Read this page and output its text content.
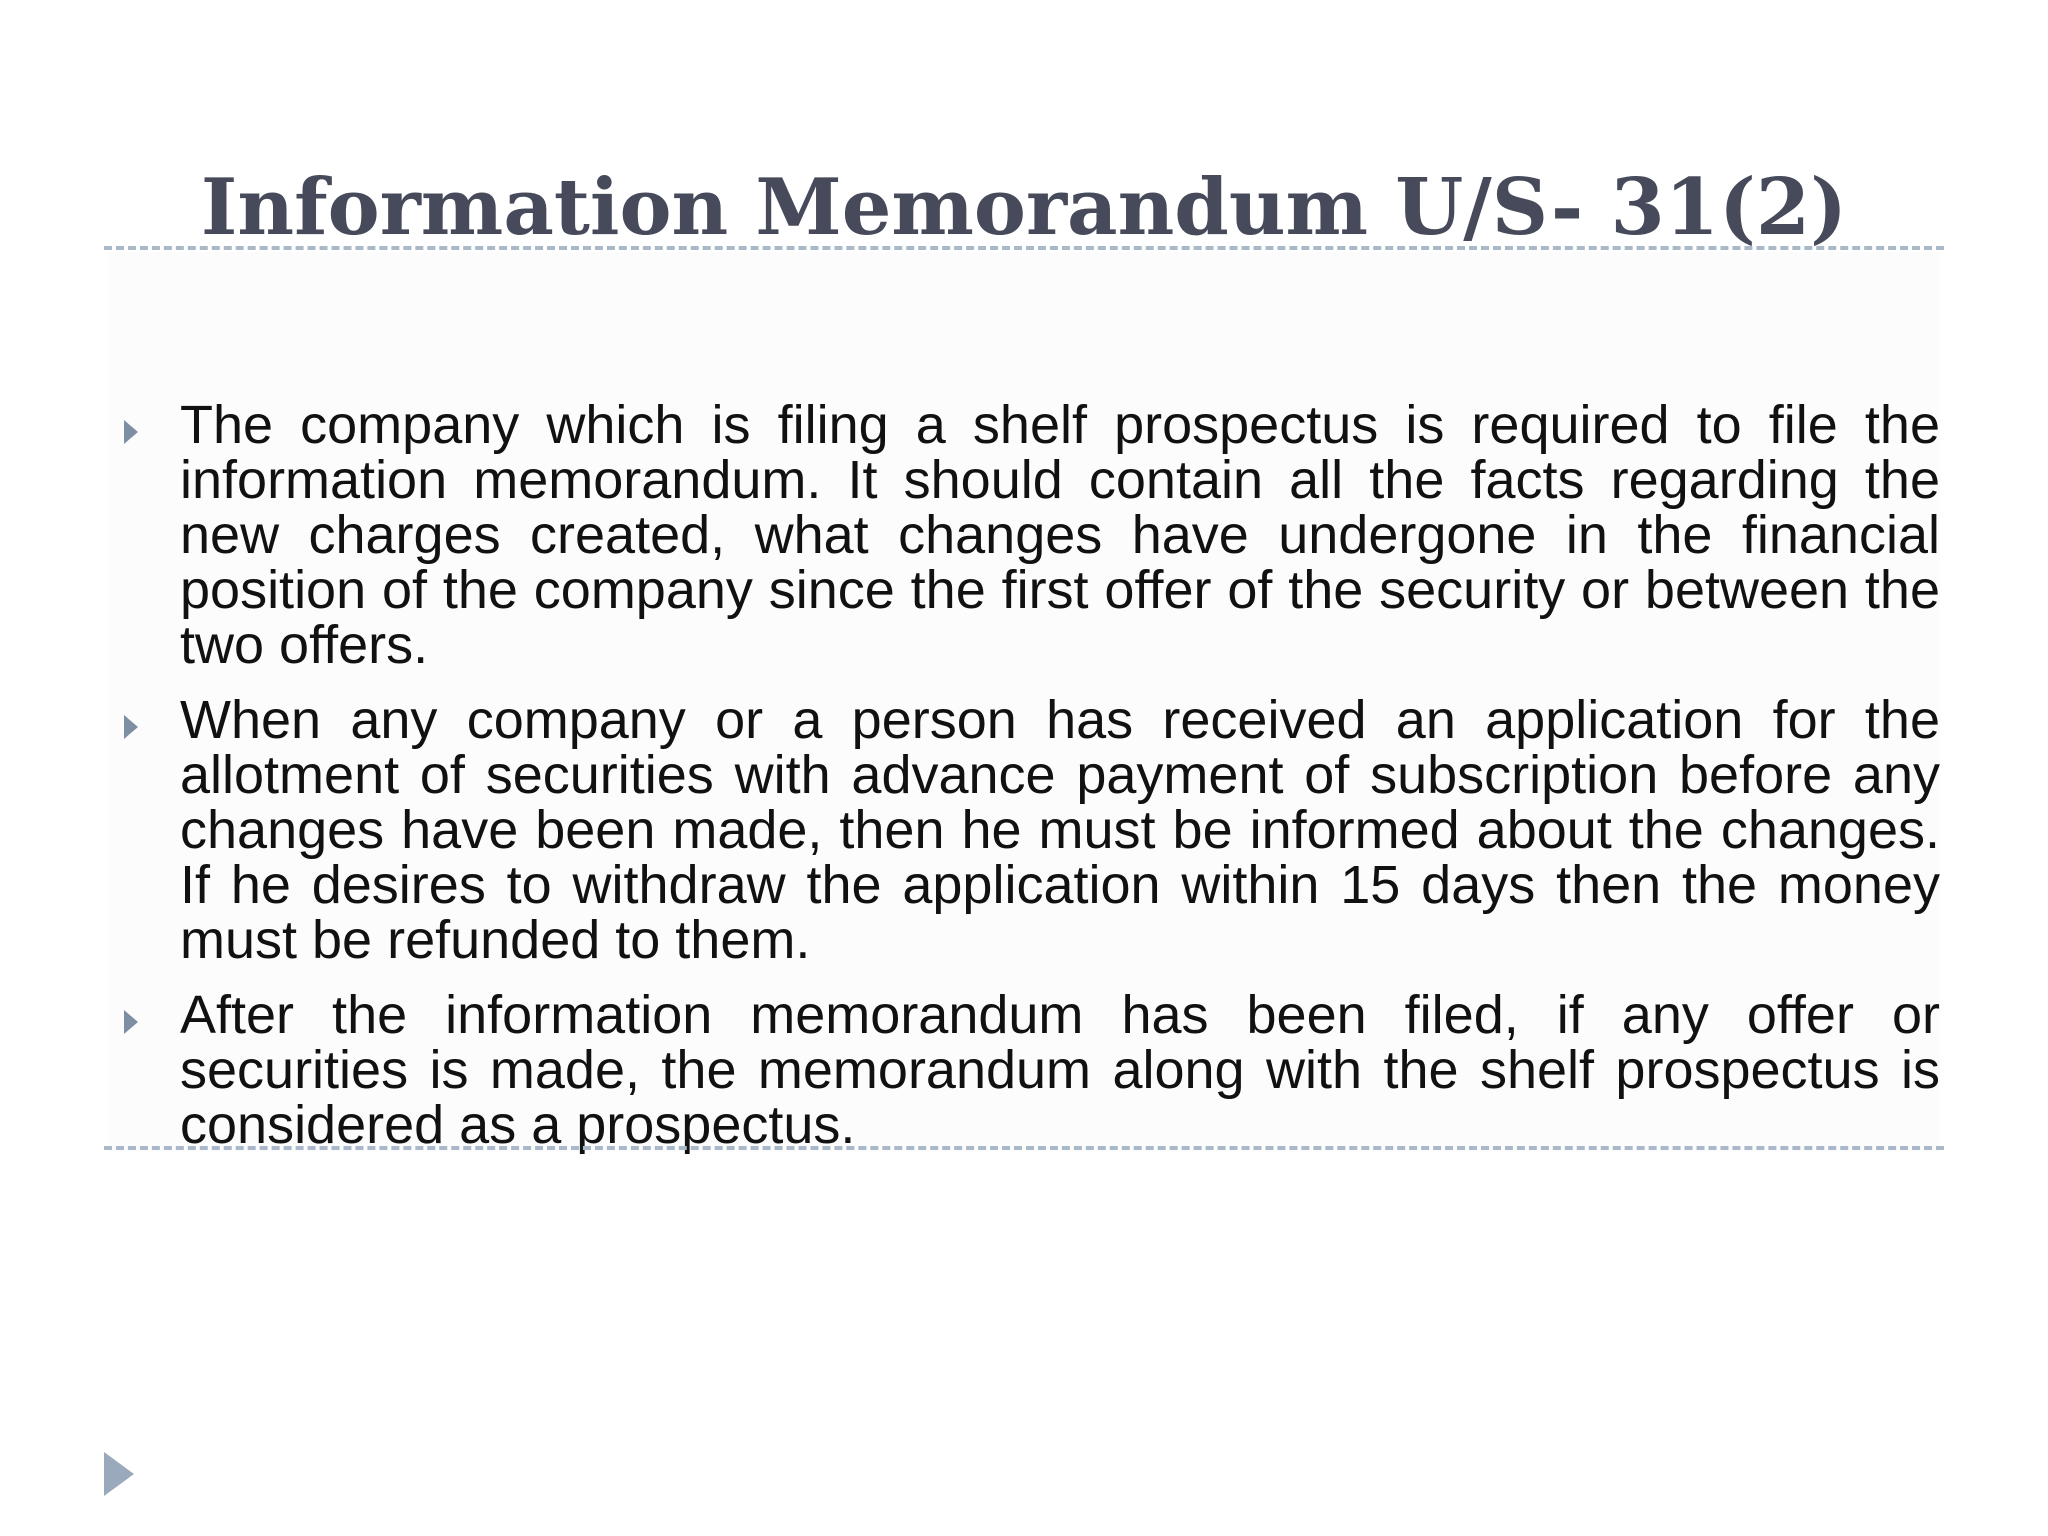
Information Memorandum U/S- 31(2)
The company which is filing a shelf prospectus is required to file the information memorandum. It should contain all the facts regarding the new charges created, what changes have undergone in the financial position of the company since the first offer of the security or between the two offers.
When any company or a person has received an application for the allotment of securities with advance payment of subscription before any changes have been made, then he must be informed about the changes. If he desires to withdraw the application within 15 days then the money must be refunded to them.
After the information memorandum has been filed, if any offer or securities is made, the memorandum along with the shelf prospectus is considered as a prospectus.
